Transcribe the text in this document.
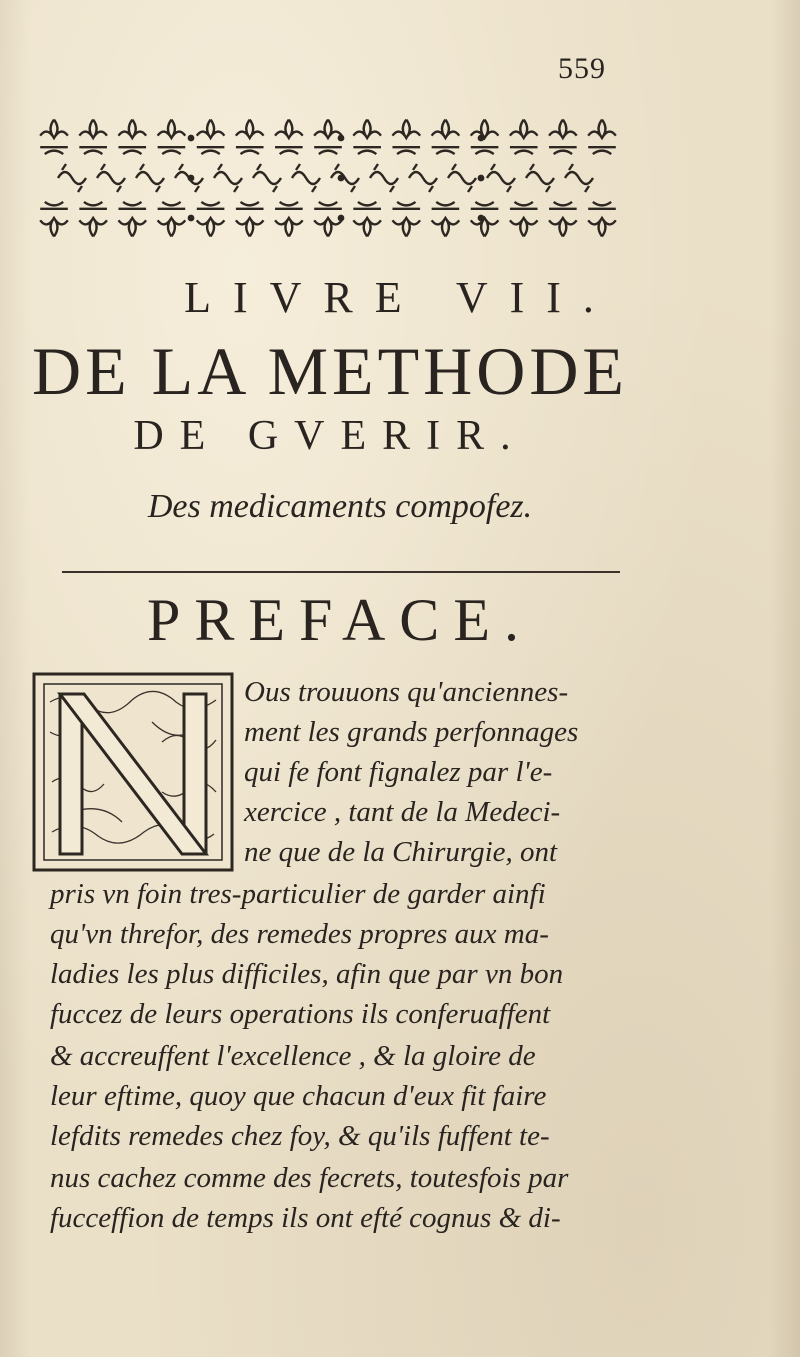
559
LIVRE VII.
DE LA METHODE
DE GVERIR.
Des medicaments compofez.
PREFACE.
N
Ous trouuons qu'anciennes-
ment les grands perfonnages
qui fe font fignalez par l'e-
xercice , tant de la Medeci-
ne que de la Chirurgie, ont
pris vn foin tres-particulier de garder ainfi
qu'vn threfor, des remedes propres aux ma-
ladies les plus difficiles, afin que par vn bon
fuccez de leurs operations ils conferuaffent
& accreuffent l'excellence , & la gloire de
leur eftime, quoy que chacun d'eux fit faire
lefdits remedes chez foy, & qu'ils fuffent te-
nus cachez comme des fecrets, toutesfois par
fucceffion de temps ils ont efté cognus & di-
